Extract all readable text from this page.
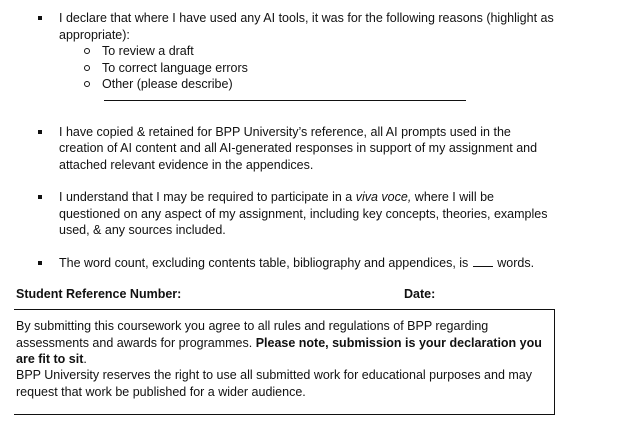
I declare that where I have used any AI tools, it was for the following reasons (highlight as appropriate):
To review a draft
To correct language errors
Other (please describe)
I have copied & retained for BPP University’s reference, all AI prompts used in the creation of AI content and all AI-generated responses in support of my assignment and attached relevant evidence in the appendices.
I understand that I may be required to participate in a viva voce, where I will be questioned on any aspect of my assignment, including key concepts, theories, examples used, & any sources included.
The word count, excluding contents table, bibliography and appendices, is words.
Student Reference Number:	Date:
By submitting this coursework you agree to all rules and regulations of BPP regarding assessments and awards for programmes. Please note, submission is your declaration you are fit to sit.
BPP University reserves the right to use all submitted work for educational purposes and may request that work be published for a wider audience.
